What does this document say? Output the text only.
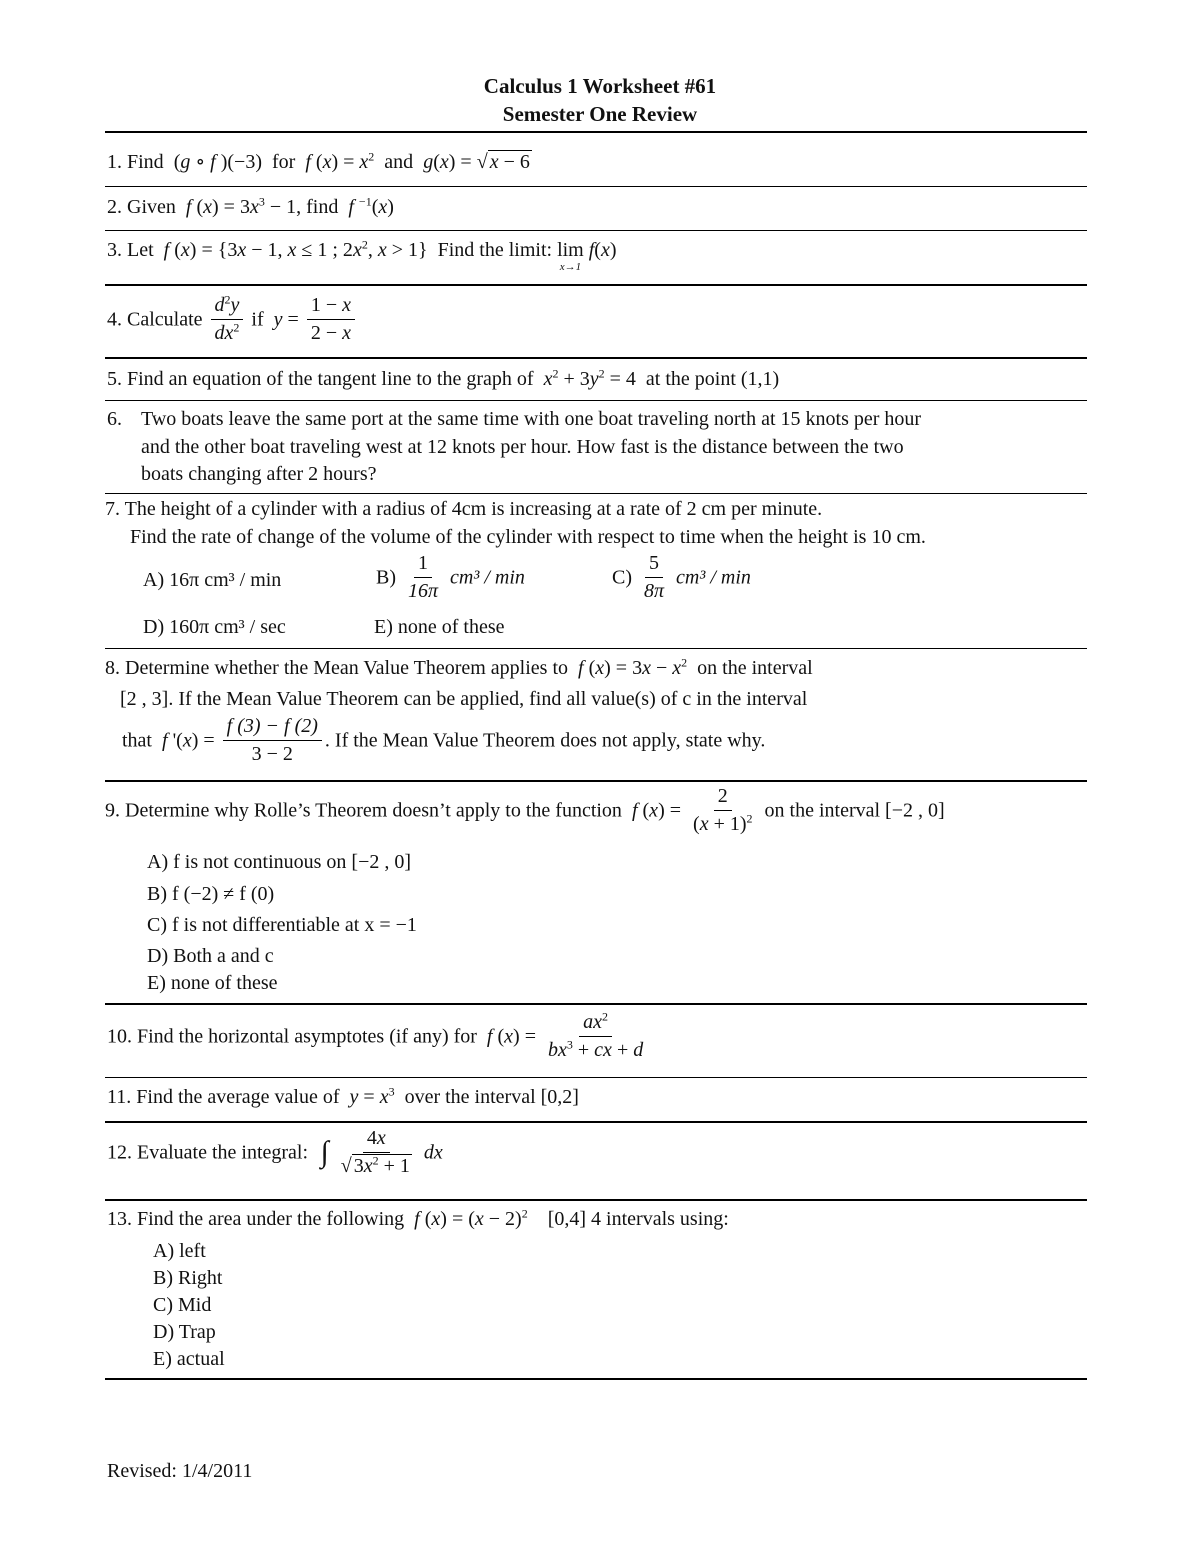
Calculus 1 Worksheet #61
Semester One Review
1. Find  (g ∘ f )(−3)  for f $(x) = x^2$ and g(x) = √ x − 6
2. Given f $(x) = 3x^3 - 1$, find f $^{-1}$(x)
3. Let f (x) = {3x − 1, x ≤ 1 ; $2x^2$, x > 1}  Find the limit: lim
x→1
f(x)
4. Calculate $\frac{d^2y}{dx^2}$ if $y = \frac{1 - x}{2 - x}$
5. Find an equation of the tangent line to the graph of $x^2 + 3y^2 = 4$  at the point (1,1)
6. Two boats leave the same port at the same time with one boat traveling north at 15 knots per hour
and the other boat traveling west at 12 knots per hour. How fast is the distance between the two
boats changing after 2 hours?
7. The height of a cylinder with a radius of 4cm is increasing at a rate of 2 cm per minute.
Find the rate of change of the volume of the cylinder with respect to time when the height is 10 cm.
A) 16π cm³ / min	$B) \frac{1}{16\pi} cm^3$ / min	$C) \frac{5}{8\pi} cm^3$ / min
D) 160π cm³ / sec	E) none of these
8. Determine whether the Mean Value Theorem applies to f $(x) = 3x - x^2$ on the interval
[2 , 3]. If the Mean Value Theorem can be applied, find all value(s) of c in the interval
that f '$(x) = \frac{f (3) - f (2)}{3 - 2}$ . If the Mean Value Theorem does not apply, state why.
9. Determine why Rolle’s Theorem doesn’t apply to the function f $(x) = \frac{2}{(x + 1)^2}$ on the interval [−2 , 0]
A) f is not continuous on [−2 , 0]
B) f (−2) ≠ f (0)
C) f is not differentiable at x = −1
D) Both a and c
E) none of these
10. Find the horizontal asymptotes (if any) for f $(x) = \frac{ax^2}{bx^3 + cx + d}$
11. Find the average value of $y = x^3$ over the interval [0,2]
12. Evaluate the integral:  ∫ $\frac{4x}{√ 3x^2 + 1}$ dx
13. Find the area under the following f $(x) = (x - 2)^2$ [0,4] 4 intervals using:
A) left
B) Right
C) Mid
D) Trap
E) actual
Revised: 1/4/2011
